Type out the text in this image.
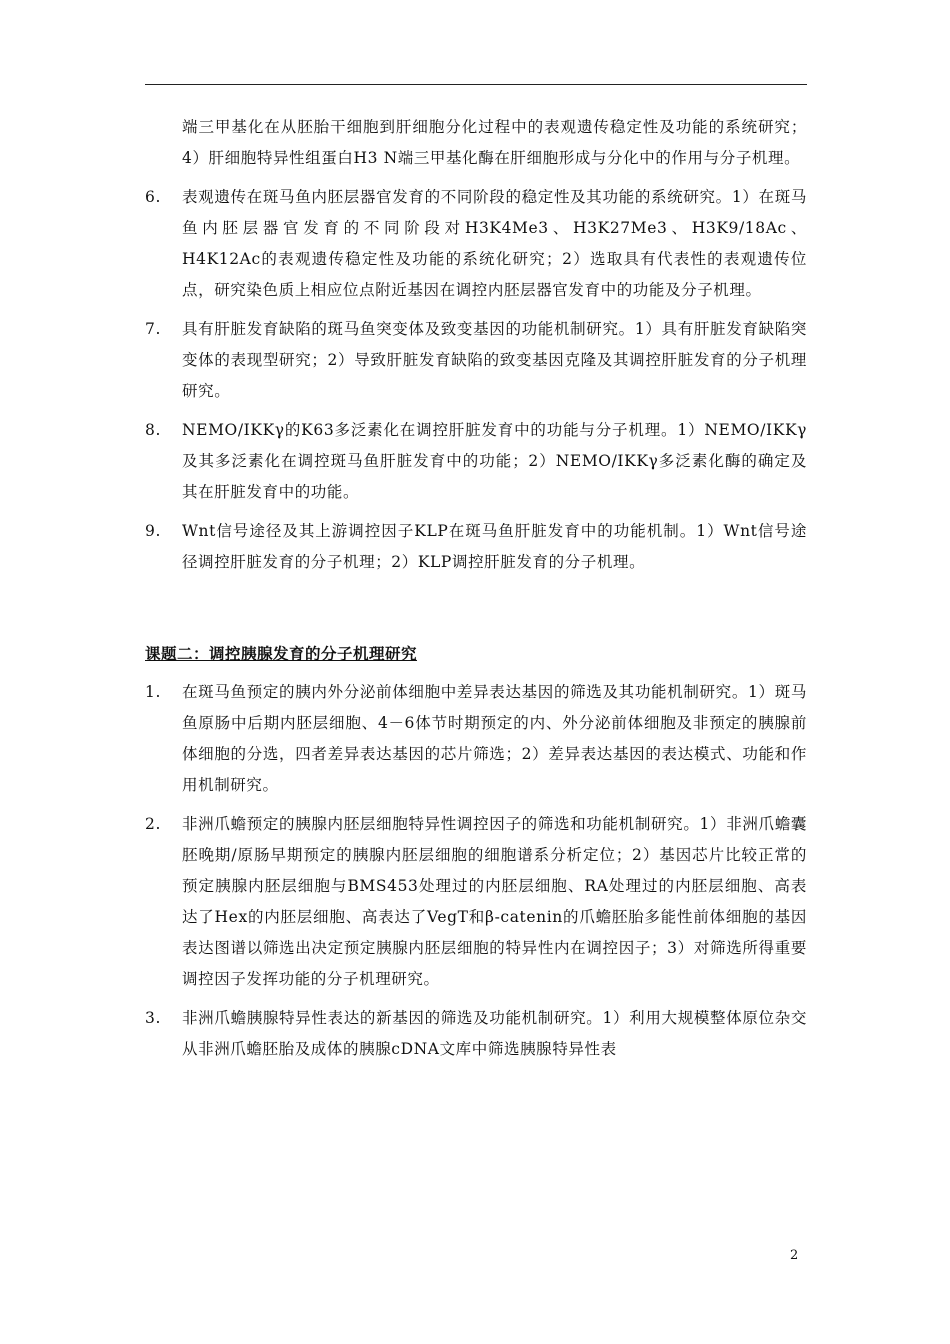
端三甲基化在从胚胎干细胞到肝细胞分化过程中的表观遗传稳定性及功能的系统研究；4）肝细胞特异性组蛋白H3 N端三甲基化酶在肝细胞形成与分化中的作用与分子机理。

6. 表观遗传在斑马鱼内胚层器官发育的不同阶段的稳定性及其功能的系统研究。1）在斑马鱼内胚层器官发育的不同阶段对H3K4Me3、H3K27Me3、H3K9/18Ac、H4K12Ac的表观遗传稳定性及功能的系统化研究；2）选取具有代表性的表观遗传位点，研究染色质上相应位点附近基因在调控内胚层器官发育中的功能及分子机理。
7. 具有肝脏发育缺陷的斑马鱼突变体及致变基因的功能机制研究。1）具有肝脏发育缺陷突变体的表现型研究；2）导致肝脏发育缺陷的致变基因克隆及其调控肝脏发育的分子机理研究。
8. NEMO/IKKγ的K63多泛素化在调控肝脏发育中的功能与分子机理。1）NEMO/IKKγ及其多泛素化在调控斑马鱼肝脏发育中的功能；2）NEMO/IKKγ多泛素化酶的确定及其在肝脏发育中的功能。
9. Wnt信号途径及其上游调控因子KLP在斑马鱼肝脏发育中的功能机制。1）Wnt信号途径调控肝脏发育的分子机理；2）KLP调控肝脏发育的分子机理。
课题二：调控胰腺发育的分子机理研究
1. 在斑马鱼预定的胰内外分泌前体细胞中差异表达基因的筛选及其功能机制研究。1）斑马鱼原肠中后期内胚层细胞、4－6体节时期预定的内、外分泌前体细胞及非预定的胰腺前体细胞的分选，四者差异表达基因的芯片筛选；2）差异表达基因的表达模式、功能和作用机制研究。
2. 非洲爪蟾预定的胰腺内胚层细胞特异性调控因子的筛选和功能机制研究。1）非洲爪蟾囊胚晚期/原肠早期预定的胰腺内胚层细胞的细胞谱系分析定位；2）基因芯片比较正常的预定胰腺内胚层细胞与BMS453处理过的内胚层细胞、RA处理过的内胚层细胞、高表达了Hex的内胚层细胞、高表达了VegT和β-catenin的爪蟾胚胎多能性前体细胞的基因表达图谱以筛选出决定预定胰腺内胚层细胞的特异性内在调控因子；3）对筛选所得重要调控因子发挥功能的分子机理研究。
3. 非洲爪蟾胰腺特异性表达的新基因的筛选及功能机制研究。1）利用大规模整体原位杂交从非洲爪蟾胚胎及成体的胰腺cDNA文库中筛选胰腺特异性表
2
